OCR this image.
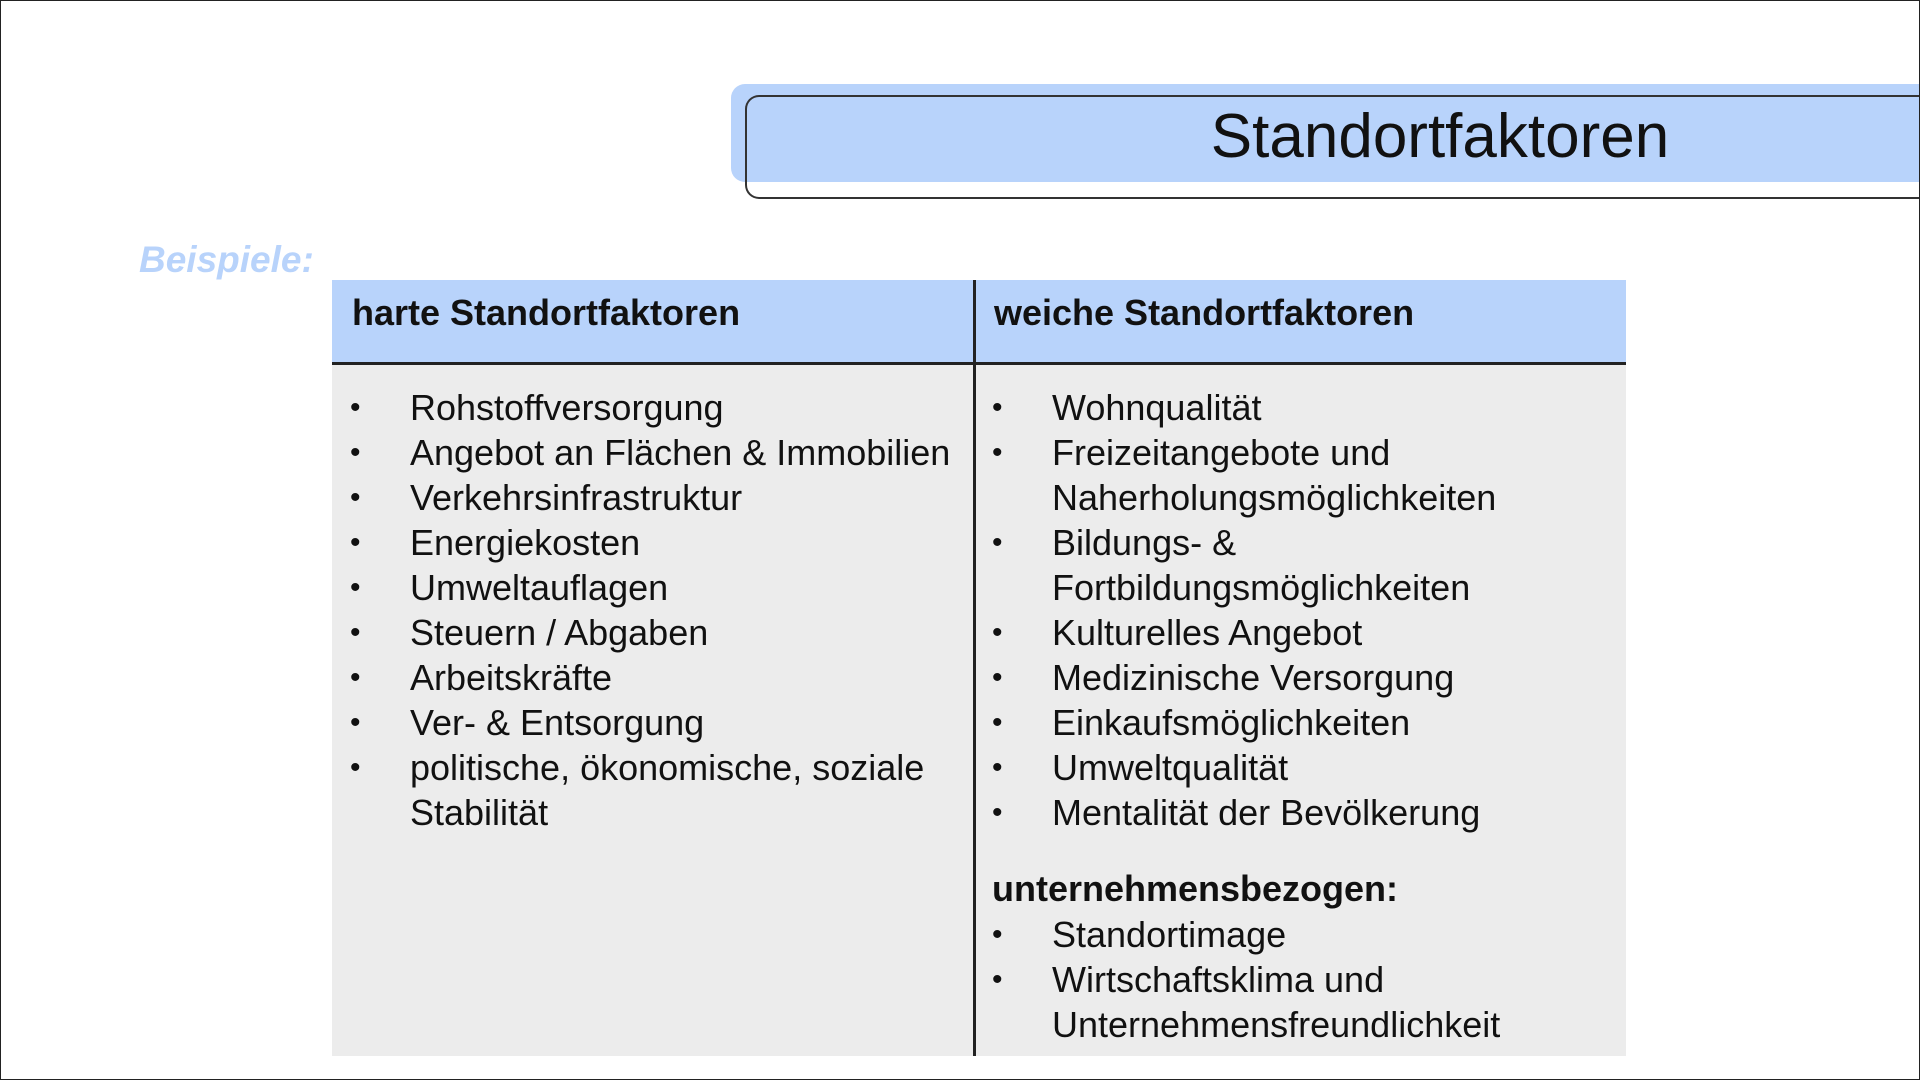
Standortfaktoren
Beispiele:
harte Standortfaktoren
•	Rohstoffversorgung
•	Angebot an Flächen & Immobilien
•	Verkehrsinfrastruktur
•	Energiekosten
•	Umweltauflagen
•	Steuern / Abgaben
•	Arbeitskräfte
•	Ver- & Entsorgung
•	politische, ökonomische, soziale Stabilität
weiche Standortfaktoren
•	Wohnqualität
•	Freizeitangebote und Naherholungsmöglichkeiten
•	Bildungs- & Fortbildungsmöglichkeiten
•	Kulturelles Angebot
•	Medizinische Versorgung
•	Einkaufsmöglichkeiten
•	Umweltqualität
•	Mentalität der Bevölkerung
unternehmensbezogen:
•	Standortimage
•	Wirtschaftsklima und Unternehmensfreundlichkeit
